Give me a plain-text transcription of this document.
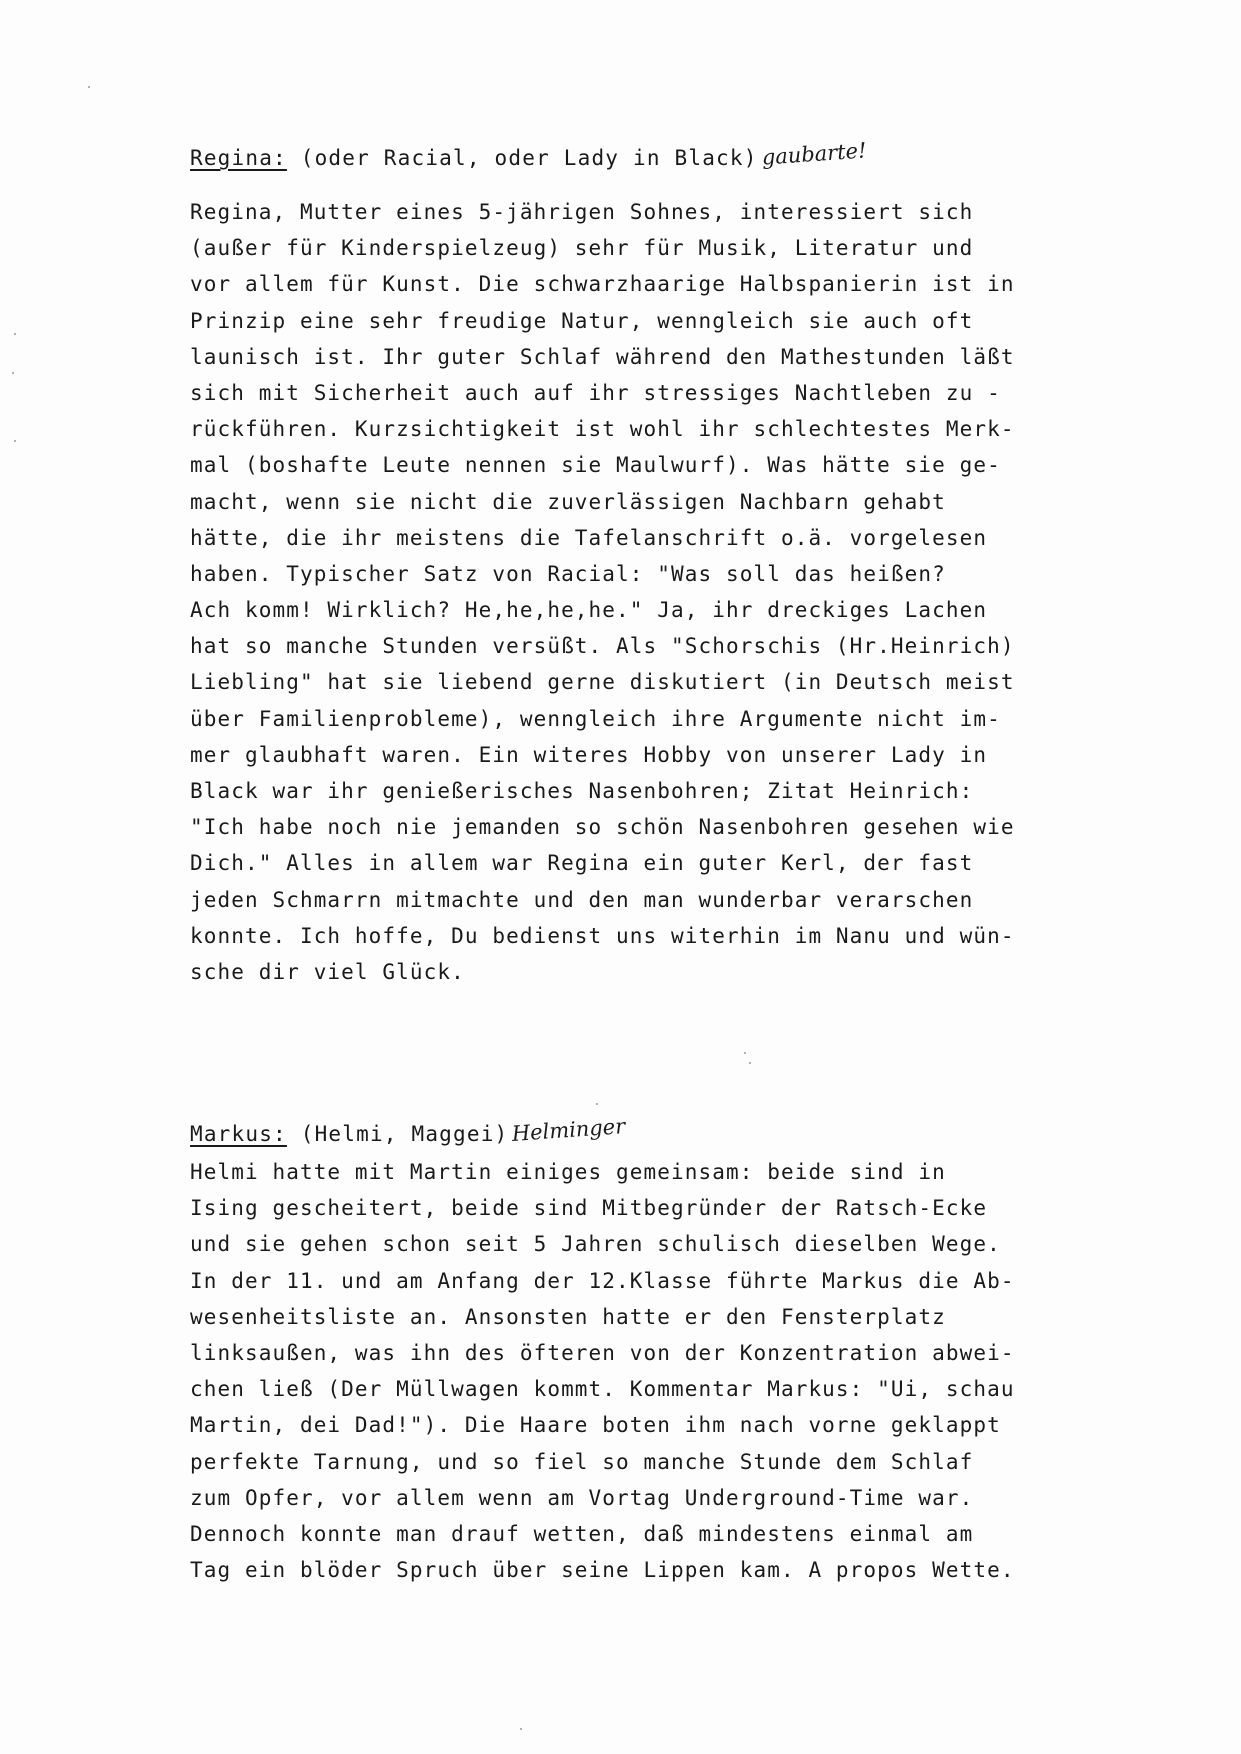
Regina: (oder Racial, oder Lady in Black) gaubarte!
Regina, Mutter eines 5-jährigen Sohnes, interessiert sich
(außer für Kinderspielzeug) sehr für Musik, Literatur und
vor allem für Kunst. Die schwarzhaarige Halbspanierin ist in
Prinzip eine sehr freudige Natur, wenngleich sie auch oft
launisch ist. Ihr guter Schlaf während den Mathestunden läßt
sich mit Sicherheit auch auf ihr stressiges Nachtleben zu -
rückführen. Kurzsichtigkeit ist wohl ihr schlechtestes Merk-
mal (boshafte Leute nennen sie Maulwurf). Was hätte sie ge-
macht, wenn sie nicht die zuverlässigen Nachbarn gehabt
hätte, die ihr meistens die Tafelanschrift o.ä. vorgelesen
haben. Typischer Satz von Racial: "Was soll das heißen?
Ach komm! Wirklich? He,he,he,he." Ja, ihr dreckiges Lachen
hat so manche Stunden versüßt. Als "Schorschis (Hr.Heinrich)
Liebling" hat sie liebend gerne diskutiert (in Deutsch meist
über Familienprobleme), wenngleich ihre Argumente nicht im-
mer glaubhaft waren. Ein witeres Hobby von unserer Lady in
Black war ihr genießerisches Nasenbohren; Zitat Heinrich:
"Ich habe noch nie jemanden so schön Nasenbohren gesehen wie
Dich." Alles in allem war Regina ein guter Kerl, der fast
jeden Schmarrn mitmachte und den man wunderbar verarschen
konnte. Ich hoffe, Du bedienst uns witerhin im Nanu und wün-
sche dir viel Glück.
Markus: (Helmi, Maggei) Helminger
Helmi hatte mit Martin einiges gemeinsam: beide sind in
Ising gescheitert, beide sind Mitbegründer der Ratsch-Ecke
und sie gehen schon seit 5 Jahren schulisch dieselben Wege.
In der 11. und am Anfang der 12.Klasse führte Markus die Ab-
wesenheitsliste an. Ansonsten hatte er den Fensterplatz
linksaußen, was ihn des öfteren von der Konzentration abwei-
chen ließ (Der Müllwagen kommt. Kommentar Markus: "Ui, schau
Martin, dei Dad!"). Die Haare boten ihm nach vorne geklappt
perfekte Tarnung, und so fiel so manche Stunde dem Schlaf
zum Opfer, vor allem wenn am Vortag Underground-Time war.
Dennoch konnte man drauf wetten, daß mindestens einmal am
Tag ein blöder Spruch über seine Lippen kam. A propos Wette.
